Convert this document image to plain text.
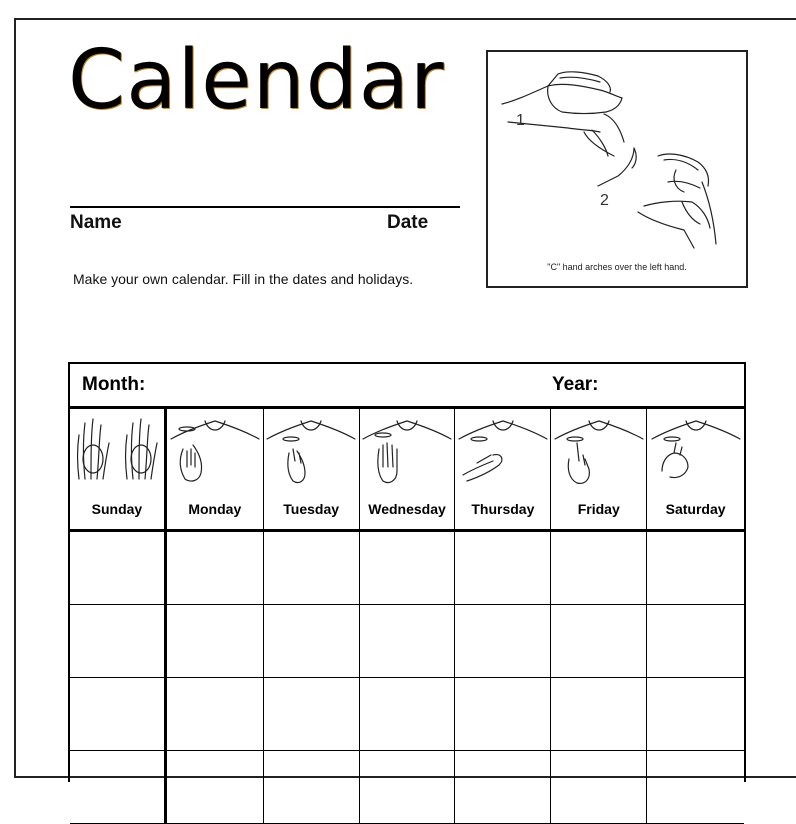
Calendar
Name	Date
Make your own calendar. Fill in the dates and holidays.
1
2
"C" hand arches over the left hand.
Month:	Year:
Sunday	Monday	Tuesday	Wednesday	Thursday	Friday	Saturday
